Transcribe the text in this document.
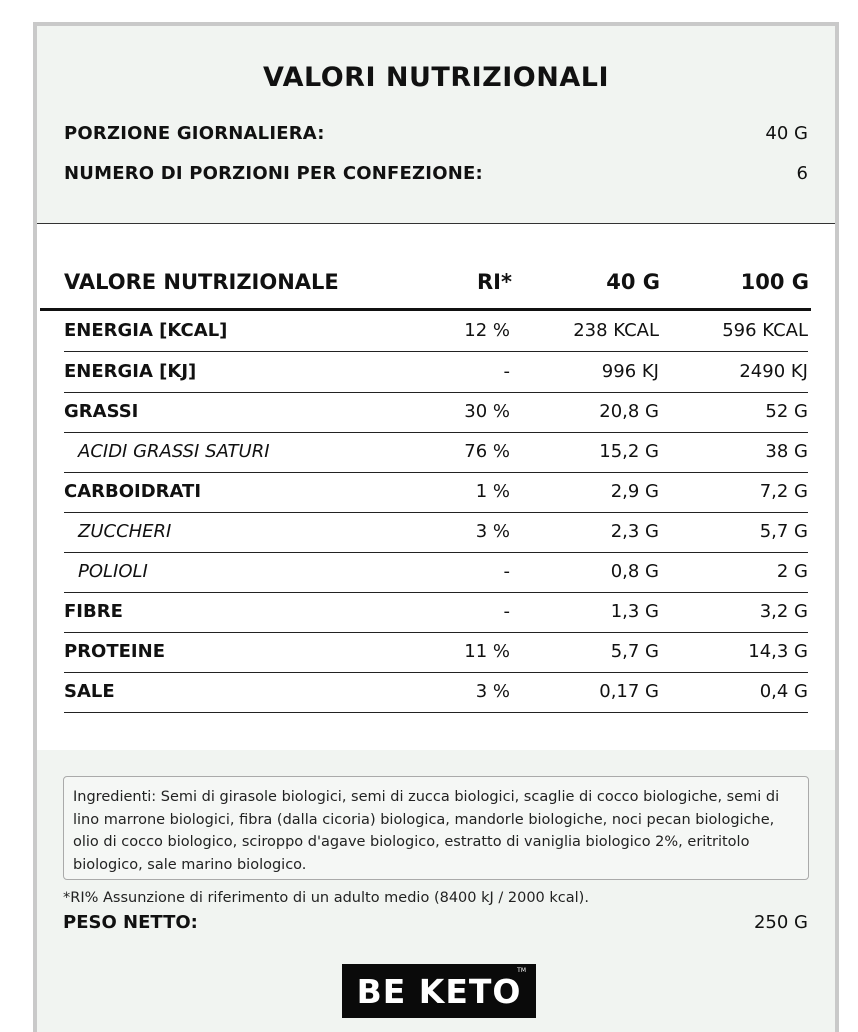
VALORI NUTRIZIONALI
PORZIONE GIORNALIERA:	40 G
NUMERO DI PORZIONI PER CONFEZIONE:	6
VALORE NUTRIZIONALE	RI*	40 G	100 G
ENERGIA [KCAL]	12 %	238 KCAL	596 KCAL
ENERGIA [KJ]	-	996 KJ	2490 KJ
GRASSI	30 %	20,8 G	52 G
ACIDI GRASSI SATURI	76 %	15,2 G	38 G
CARBOIDRATI	1 %	2,9 G	7,2 G
ZUCCHERI	3 %	2,3 G	5,7 G
POLIOLI	-	0,8 G	2 G
FIBRE	-	1,3 G	3,2 G
PROTEINE	11 %	5,7 G	14,3 G
SALE	3 %	0,17 G	0,4 G
Ingredienti: Semi di girasole biologici, semi di zucca biologici, scaglie di cocco biologiche, semi di lino marrone biologici, fibra (dalla cicoria) biologica, mandorle biologiche, noci pecan biologiche, olio di cocco biologico, sciroppo d'agave biologico, estratto di vaniglia biologico 2%, eritritolo biologico, sale marino biologico.
*RI% Assunzione di riferimento di un adulto medio (8400 kJ / 2000 kcal).
PESO NETTO:	250 G
BE KETO
TM
